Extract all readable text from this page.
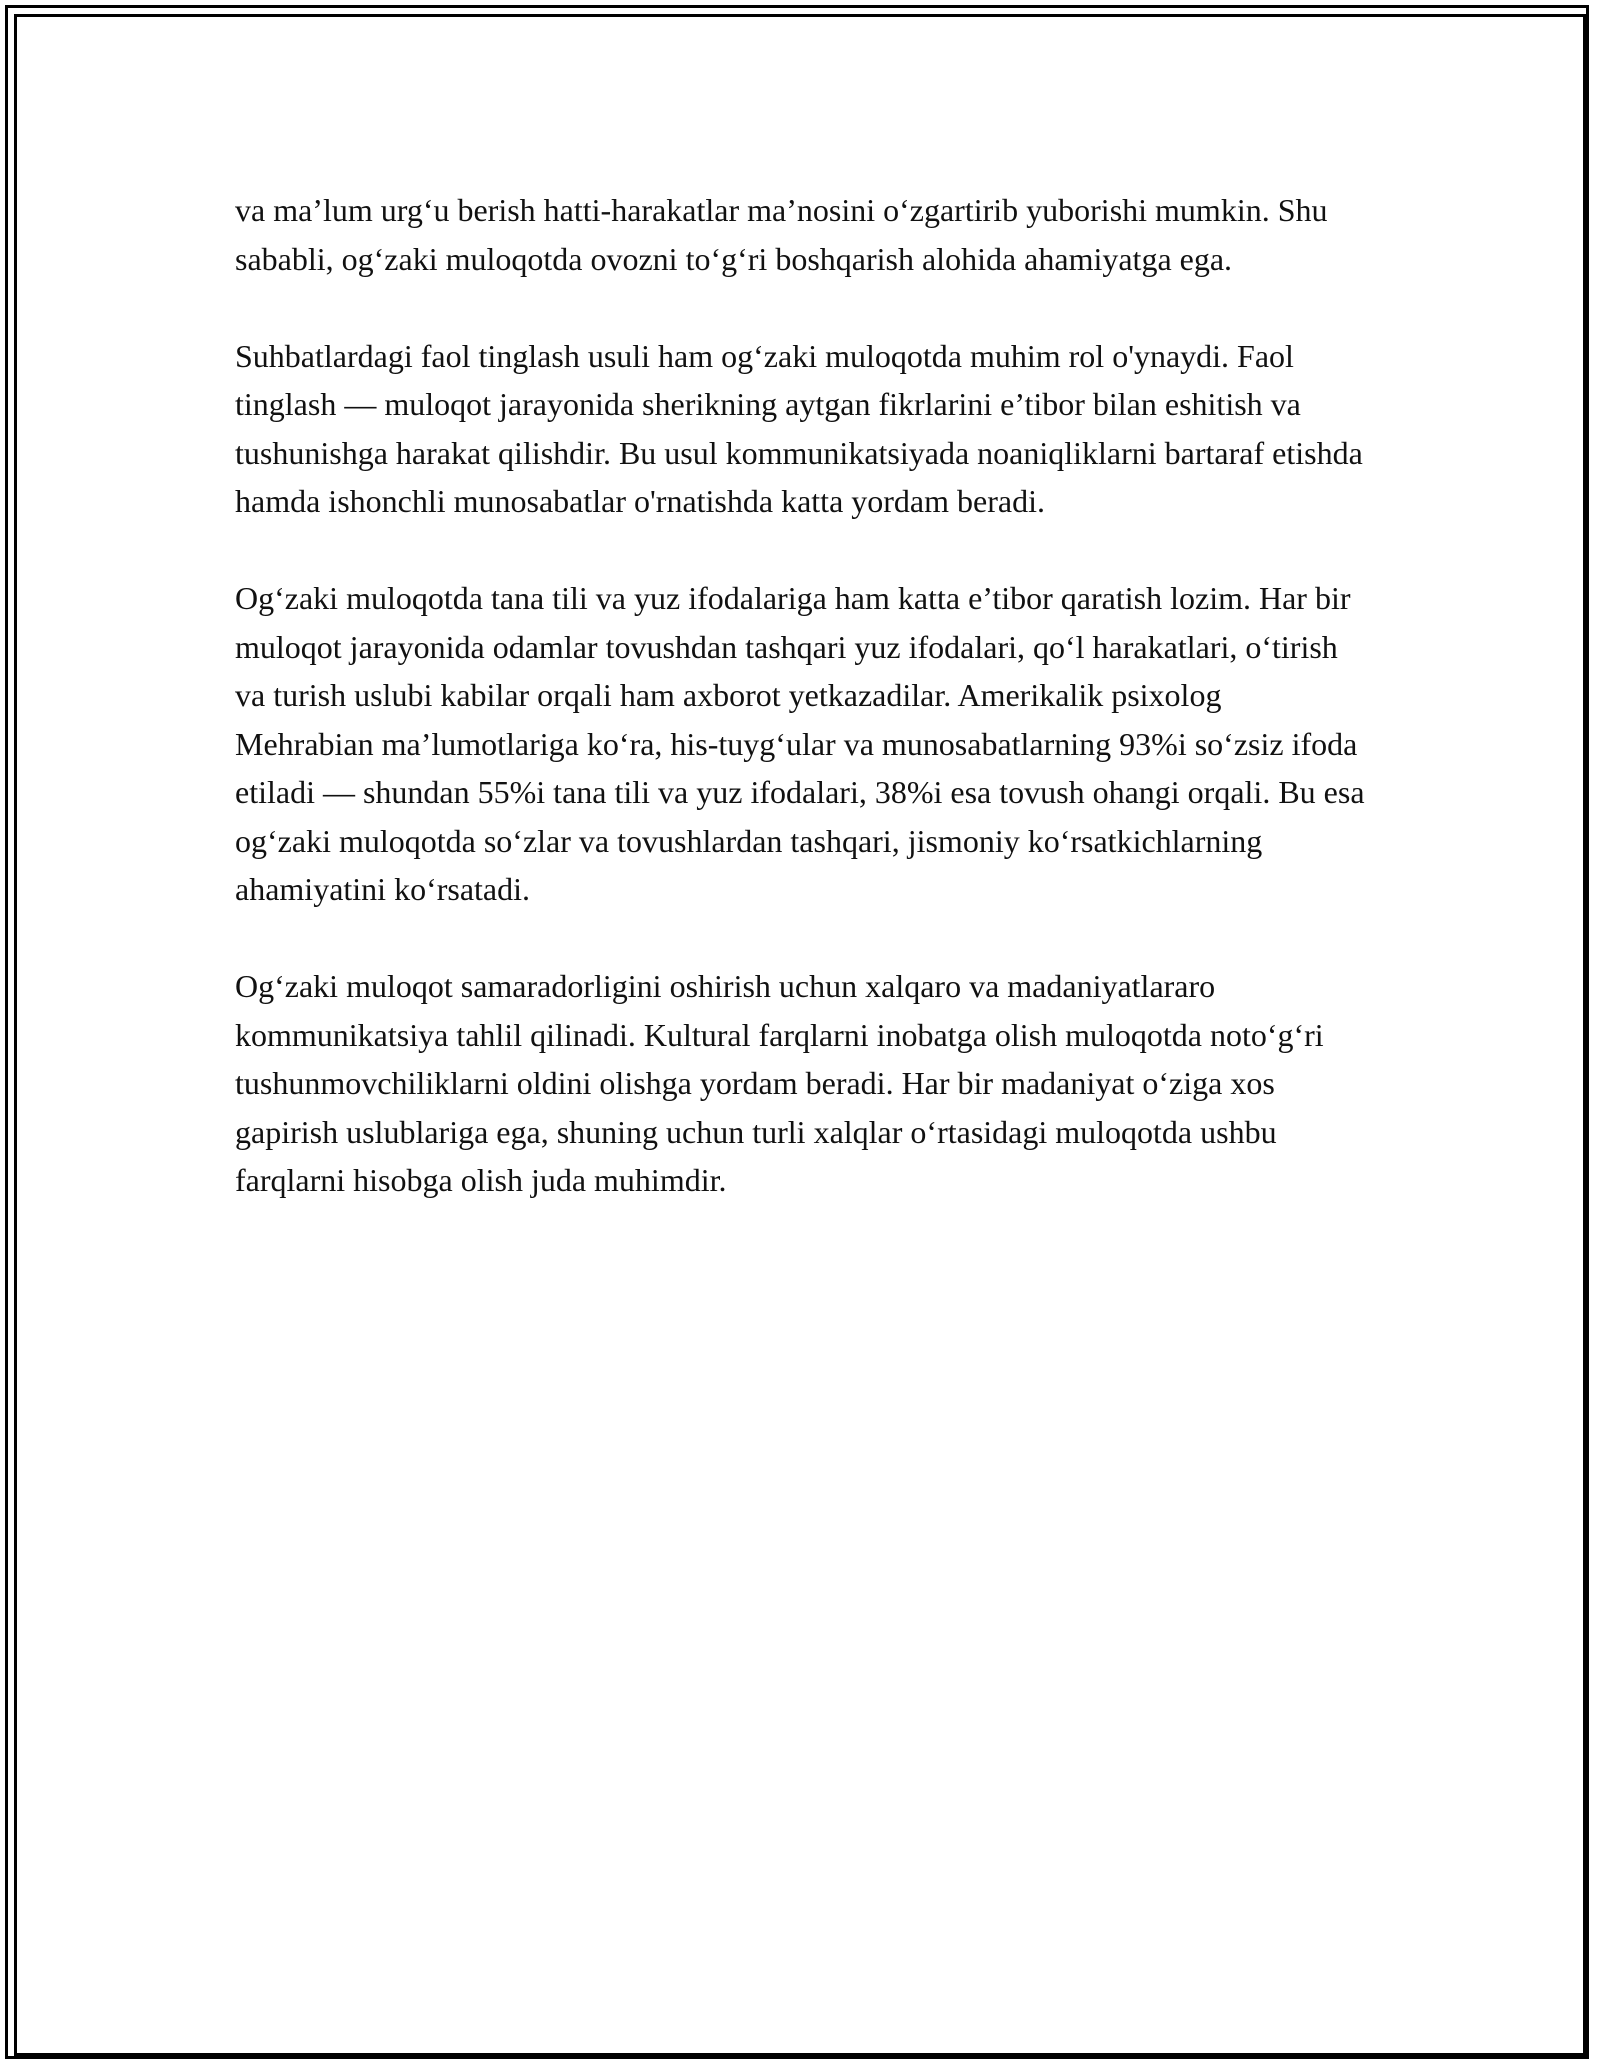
va ma’lum urg‘u berish hatti-harakatlar ma’nosini o‘zgartirib yuborishi mumkin. Shu sababli, og‘zaki muloqotda ovozni to‘g‘ri boshqarish alohida ahamiyatga ega.

Suhbatlardagi faol tinglash usuli ham og‘zaki muloqotda muhim rol o'ynaydi. Faol tinglash — muloqot jarayonida sherikning aytgan fikrlarini e’tibor bilan eshitish va tushunishga harakat qilishdir. Bu usul kommunikatsiyada noaniqliklarni bartaraf etishda hamda ishonchli munosabatlar o'rnatishda katta yordam beradi.

Og‘zaki muloqotda tana tili va yuz ifodalariga ham katta e’tibor qaratish lozim. Har bir muloqot jarayonida odamlar tovushdan tashqari yuz ifodalari, qo‘l harakatlari, o‘tirish va turish uslubi kabilar orqali ham axborot yetkazadilar. Amerikalik psixolog Mehrabian ma’lumotlariga ko‘ra, his-tuyg‘ular va munosabatlarning 93%i so‘zsiz ifoda etiladi — shundan 55%i tana tili va yuz ifodalari, 38%i esa tovush ohangi orqali. Bu esa og‘zaki muloqotda so‘zlar va tovushlardan tashqari, jismoniy ko‘rsatkichlarning ahamiyatini ko‘rsatadi.

Og‘zaki muloqot samaradorligini oshirish uchun xalqaro va madaniyatlararo kommunikatsiya tahlil qilinadi. Kultural farqlarni inobatga olish muloqotda noto‘g‘ri tushunmovchiliklarni oldini olishga yordam beradi. Har bir madaniyat o‘ziga xos gapirish uslublariga ega, shuning uchun turli xalqlar o‘rtasidagi muloqotda ushbu farqlarni hisobga olish juda muhimdir.
